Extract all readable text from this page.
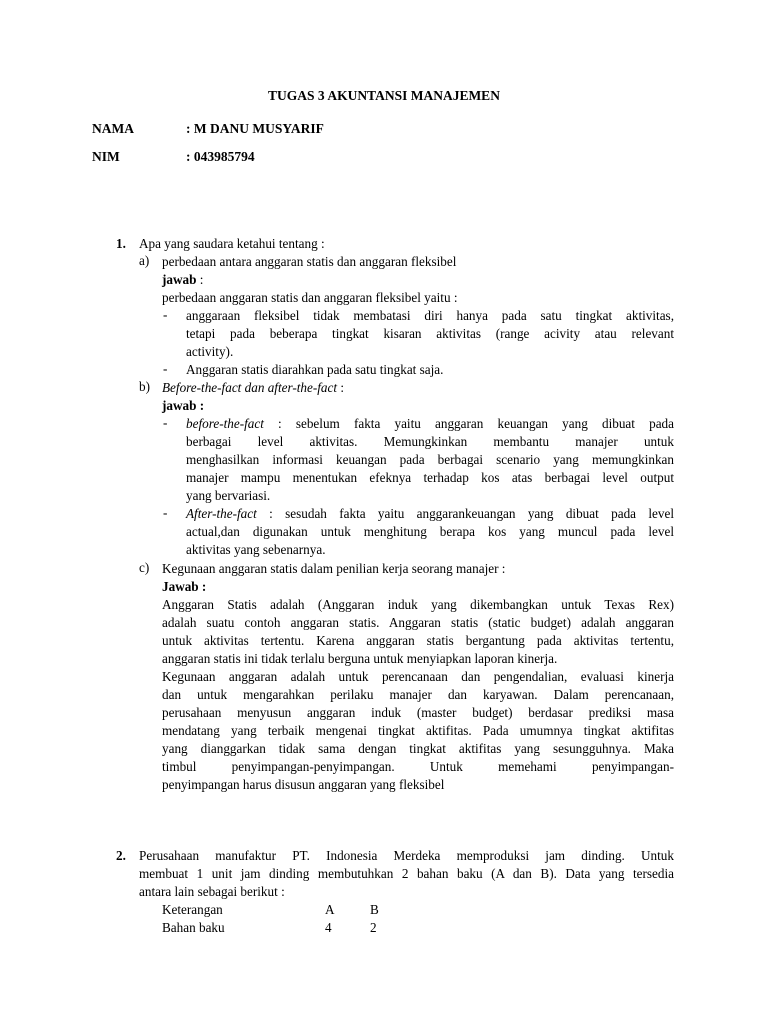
TUGAS 3 AKUNTANSI MANAJEMEN
NAMA	: M DANU MUSYARIF
NIM	: 043985794
1. Apa yang saudara ketahui tentang :
a) perbedaan antara anggaran statis dan anggaran fleksibel
jawab :
perbedaan anggaran statis dan anggaran fleksibel yaitu :
- anggaraan fleksibel tidak membatasi diri hanya pada satu tingkat aktivitas,
tetapi pada beberapa tingkat kisaran aktivitas (range acivity atau relevant
activity).
- Anggaran statis diarahkan pada satu tingkat saja.
b) Before-the-fact dan after-the-fact :
jawab :
- before-the-fact : sebelum fakta yaitu anggaran keuangan yang dibuat pada
berbagai level aktivitas. Memungkinkan membantu manajer untuk
menghasilkan informasi keuangan pada berbagai scenario yang memungkinkan
manajer mampu menentukan efeknya terhadap kos atas berbagai level output
yang bervariasi.
- After-the-fact : sesudah fakta yaitu anggarankeuangan yang dibuat pada level
actual,dan digunakan untuk menghitung berapa kos yang muncul pada level
aktivitas yang sebenarnya.
c) Kegunaan anggaran statis dalam penilian kerja seorang manajer :
Jawab :
Anggaran Statis adalah (Anggaran induk yang dikembangkan untuk Texas Rex)
adalah suatu contoh anggaran statis. Anggaran statis (static budget) adalah anggaran
untuk aktivitas tertentu. Karena anggaran statis bergantung pada aktivitas tertentu,
anggaran statis ini tidak terlalu berguna untuk menyiapkan laporan kinerja.
Kegunaan anggaran adalah untuk perencanaan dan pengendalian, evaluasi kinerja
dan untuk mengarahkan perilaku manajer dan karyawan. Dalam perencanaan,
perusahaan menyusun anggaran induk (master budget) berdasar prediksi masa
mendatang yang terbaik mengenai tingkat aktifitas. Pada umumnya tingkat aktifitas
yang dianggarkan tidak sama dengan tingkat aktifitas yang sesungguhnya. Maka
timbul penyimpangan-penyimpangan. Untuk memehami penyimpangan-
penyimpangan harus disusun anggaran yang fleksibel
2. Perusahaan manufaktur PT. Indonesia Merdeka memproduksi jam dinding. Untuk
membuat 1 unit jam dinding membutuhkan 2 bahan baku (A dan B). Data yang tersedia
antara lain sebagai berikut :
Keterangan	A	B
Bahan baku	4	2
